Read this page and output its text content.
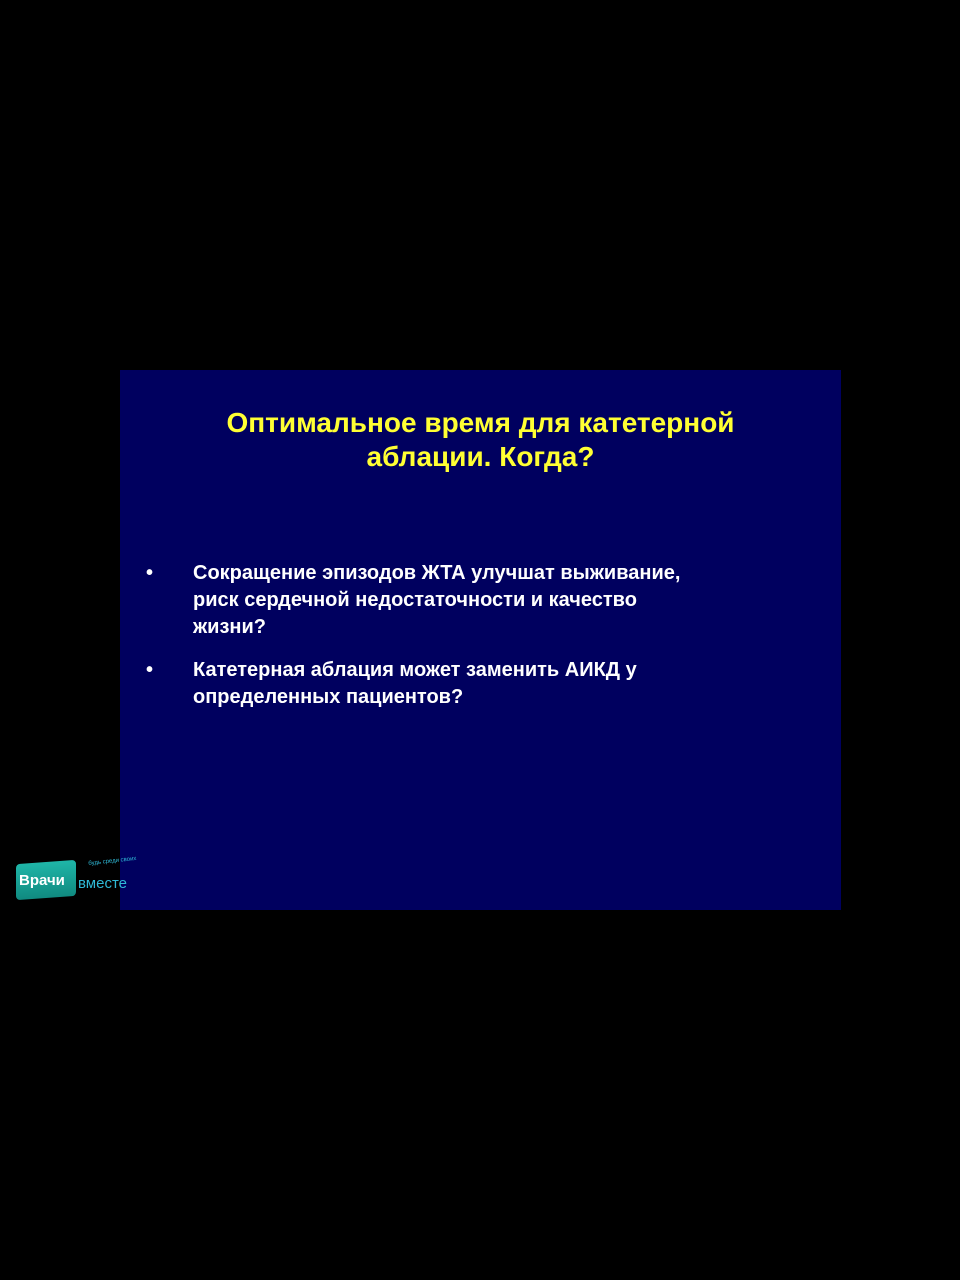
Оптимальное время для катетерной
аблации. Когда?
• Сокращение эпизодов ЖТА улучшат выживание,
риск сердечной недостаточности и качество
жизни?
• Катетерная аблация может заменить АИКД у
определенных пациентов?
Врачи вместе
будь среди своих
